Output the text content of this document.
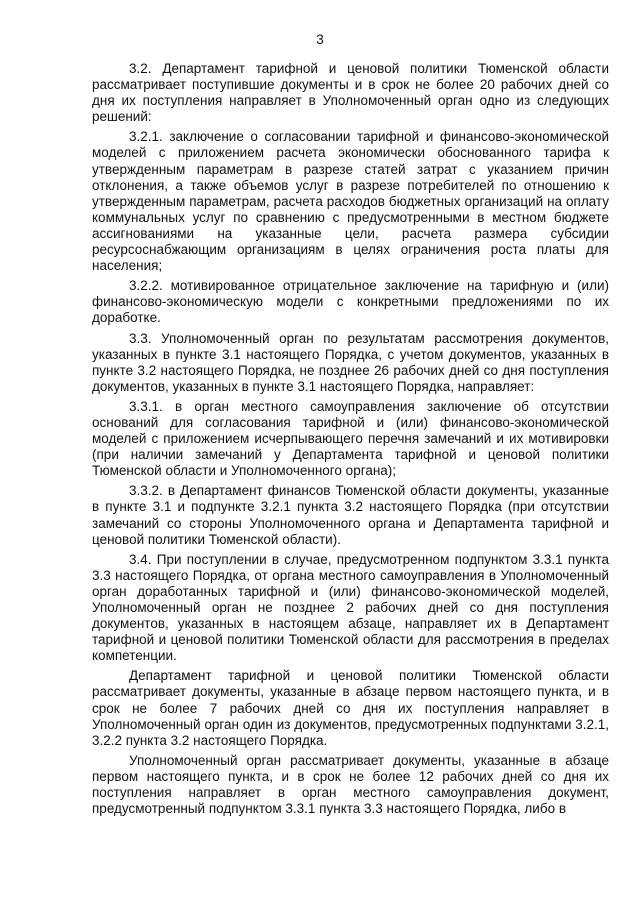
3

3.2. Департамент тарифной и ценовой политики Тюменской области рассматривает поступившие документы и в срок не более 20 рабочих дней со дня их поступления направляет в Уполномоченный орган одно из следующих решений:

3.2.1. заключение о согласовании тарифной и финансово-экономической моделей с приложением расчета экономически обоснованного тарифа к утвержденным параметрам в разрезе статей затрат с указанием причин отклонения, а также объемов услуг в разрезе потребителей по отношению к утвержденным параметрам, расчета расходов бюджетных организаций на оплату коммунальных услуг по сравнению с предусмотренными в местном бюджете ассигнованиями на указанные цели, расчета размера субсидии ресурсоснабжающим организациям в целях ограничения роста платы для населения;

3.2.2. мотивированное отрицательное заключение на тарифную и (или) финансово-экономическую модели с конкретными предложениями по их доработке.

3.3. Уполномоченный орган по результатам рассмотрения документов, указанных в пункте 3.1 настоящего Порядка, с учетом документов, указанных в пункте 3.2 настоящего Порядка, не позднее 26 рабочих дней со дня поступления документов, указанных в пункте 3.1 настоящего Порядка, направляет:

3.3.1. в орган местного самоуправления заключение об отсутствии оснований для согласования тарифной и (или) финансово-экономической моделей с приложением исчерпывающего перечня замечаний и их мотивировки (при наличии замечаний у Департамента тарифной и ценовой политики Тюменской области и Уполномоченного органа);

3.3.2. в Департамент финансов Тюменской области документы, указанные в пункте 3.1 и подпункте 3.2.1 пункта 3.2 настоящего Порядка (при отсутствии замечаний со стороны Уполномоченного органа и Департамента тарифной и ценовой политики Тюменской области).

3.4. При поступлении в случае, предусмотренном подпунктом 3.3.1 пункта 3.3 настоящего Порядка, от органа местного самоуправления в Уполномоченный орган доработанных тарифной и (или) финансово-экономической моделей, Уполномоченный орган не позднее 2 рабочих дней со дня поступления документов, указанных в настоящем абзаце, направляет их в Департамент тарифной и ценовой политики Тюменской области для рассмотрения в пределах компетенции.

Департамент тарифной и ценовой политики Тюменской области рассматривает документы, указанные в абзаце первом настоящего пункта, и в срок не более 7 рабочих дней со дня их поступления направляет в Уполномоченный орган один из документов, предусмотренных подпунктами 3.2.1, 3.2.2 пункта 3.2 настоящего Порядка.

Уполномоченный орган рассматривает документы, указанные в абзаце первом настоящего пункта, и в срок не более 12 рабочих дней со дня их поступления направляет в орган местного самоуправления документ, предусмотренный подпунктом 3.3.1 пункта 3.3 настоящего Порядка, либо в
